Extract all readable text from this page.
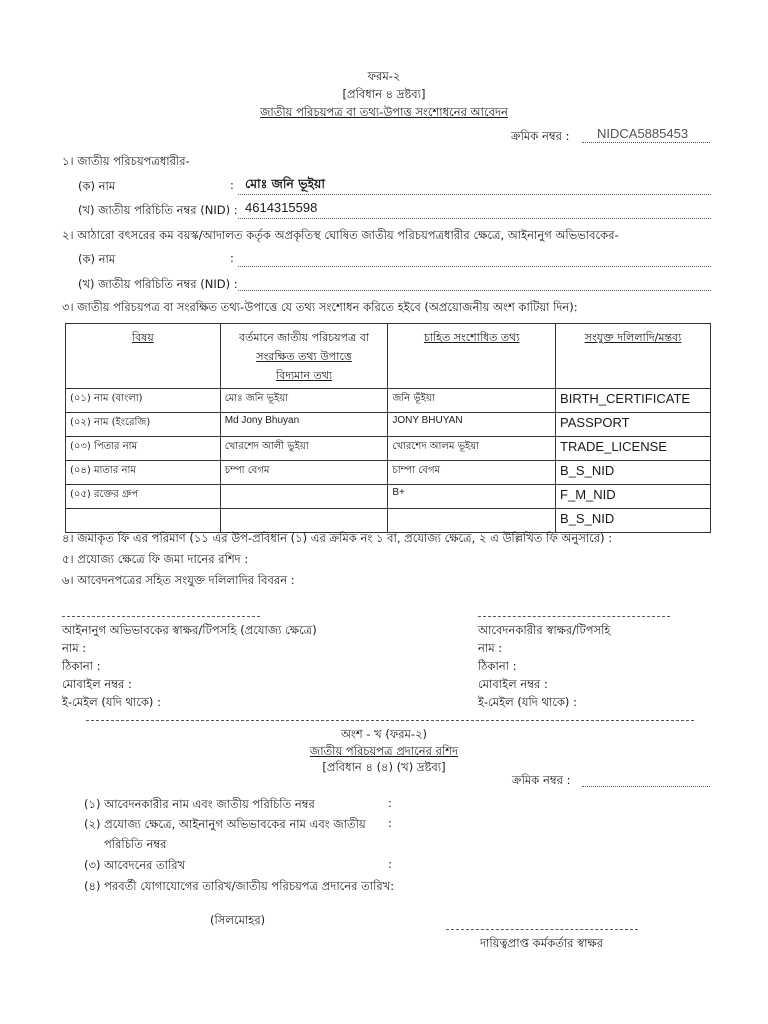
ফরম-২
[প্রবিধান ৪ দ্রষ্টব্য]
জাতীয় পরিচয়পত্র বা তথ্য-উপাত্ত সংশোধনের আবেদন
ক্রমিক নম্বর : NIDCA5885453
১। জাতীয় পরিচয়পত্রধারীর-
(ক) নাম	: মোঃ জনি ভূইয়া
(খ) জাতীয় পরিচিতি নম্বর (NID) : 4614315598
২। আঠারো বৎসরের কম বয়স্ক/আদালত কর্তৃক অপ্রকৃতিস্থ ঘোষিত জাতীয় পরিচয়পত্রধারীর ক্ষেত্রে, আইনানুগ অভিভাবকের-
(ক) নাম	:
(খ) জাতীয় পরিচিতি নম্বর (NID) :
৩। জাতীয় পরিচয়পত্র বা সংরক্ষিত তথ্য-উপাত্তে যে তথ্য সংশোধন করিতে হইবে (অপ্রয়োজনীয় অংশ কাটিয়া দিন):
বিষয়	বর্তমানে জাতীয় পরিচয়পত্র বা
সংরক্ষিত তথ্য উপাত্তে
বিদ্যমান তথ্য	চাহিত সংশোধিত তথ্য	সংযুক্ত দলিলাদি/মন্তব্য
(০১) নাম (বাংলা)	মোঃ জনি ভূইয়া	জনি ভূঁইয়া	BIRTH_CERTIFICATE
(০২) নাম (ইংরেজি)	Md Jony Bhuyan	JONY BHUYAN	PASSPORT
(০৩) পিতার নাম	খোরশেদ আলী ভুইয়া	খোরশেদ আলম ভূইয়া	TRADE_LICENSE
(০৪) মাতার নাম	চম্পা বেগম	চাম্পা বেগম	B_S_NID
(০৫) রক্তের গ্রুপ		B+	F_M_NID
			B_S_NID
৪। জমাকৃত ফি এর পরিমাণ (১১ এর উপ-প্রবিধান (১) এর ক্রমিক নং ১ বা, প্রযোজ্য ক্ষেত্রে, ২ এ উল্লিখিত ফি অনুসারে) :
৫। প্রযোজ্য ক্ষেত্রে ফি জমা দানের রশিদ :
৬। আবেদনপত্রের সহিত সংযুক্ত দলিলাদির বিবরন :
আইনানুগ অভিভাবকের স্বাক্ষর/টিপসহি (প্রযোজ্য ক্ষেত্রে)
নাম :
ঠিকানা :
মোবাইল নম্বর :
ই-মেইল (যদি থাকে) :
আবেদনকারীর স্বাক্ষর/টিপসহি
নাম :
ঠিকানা :
মোবাইল নম্বর :
ই-মেইল (যদি থাকে) :
অংশ - খ (ফরম-২)
জাতীয় পরিচয়পত্র প্রদানের রশিদ
[প্রবিধান ৪ (৪) (খ) দ্রষ্টব্য]
ক্রমিক নম্বর :
(১) আবেদনকারীর নাম এবং জাতীয় পরিচিতি নম্বর	:
(২) প্রযোজ্য ক্ষেত্রে, আইনানুগ অভিভাবকের নাম এবং জাতীয় :
পরিচিতি নম্বর
(৩) আবেদনের তারিখ	:
(৪) পরবর্তী যোগাযোগের তারিখ/জাতীয় পরিচয়পত্র প্রদানের তারিখ:
(সিলমোহর)
দায়িত্বপ্রাপ্ত কর্মকর্তার স্বাক্ষর
